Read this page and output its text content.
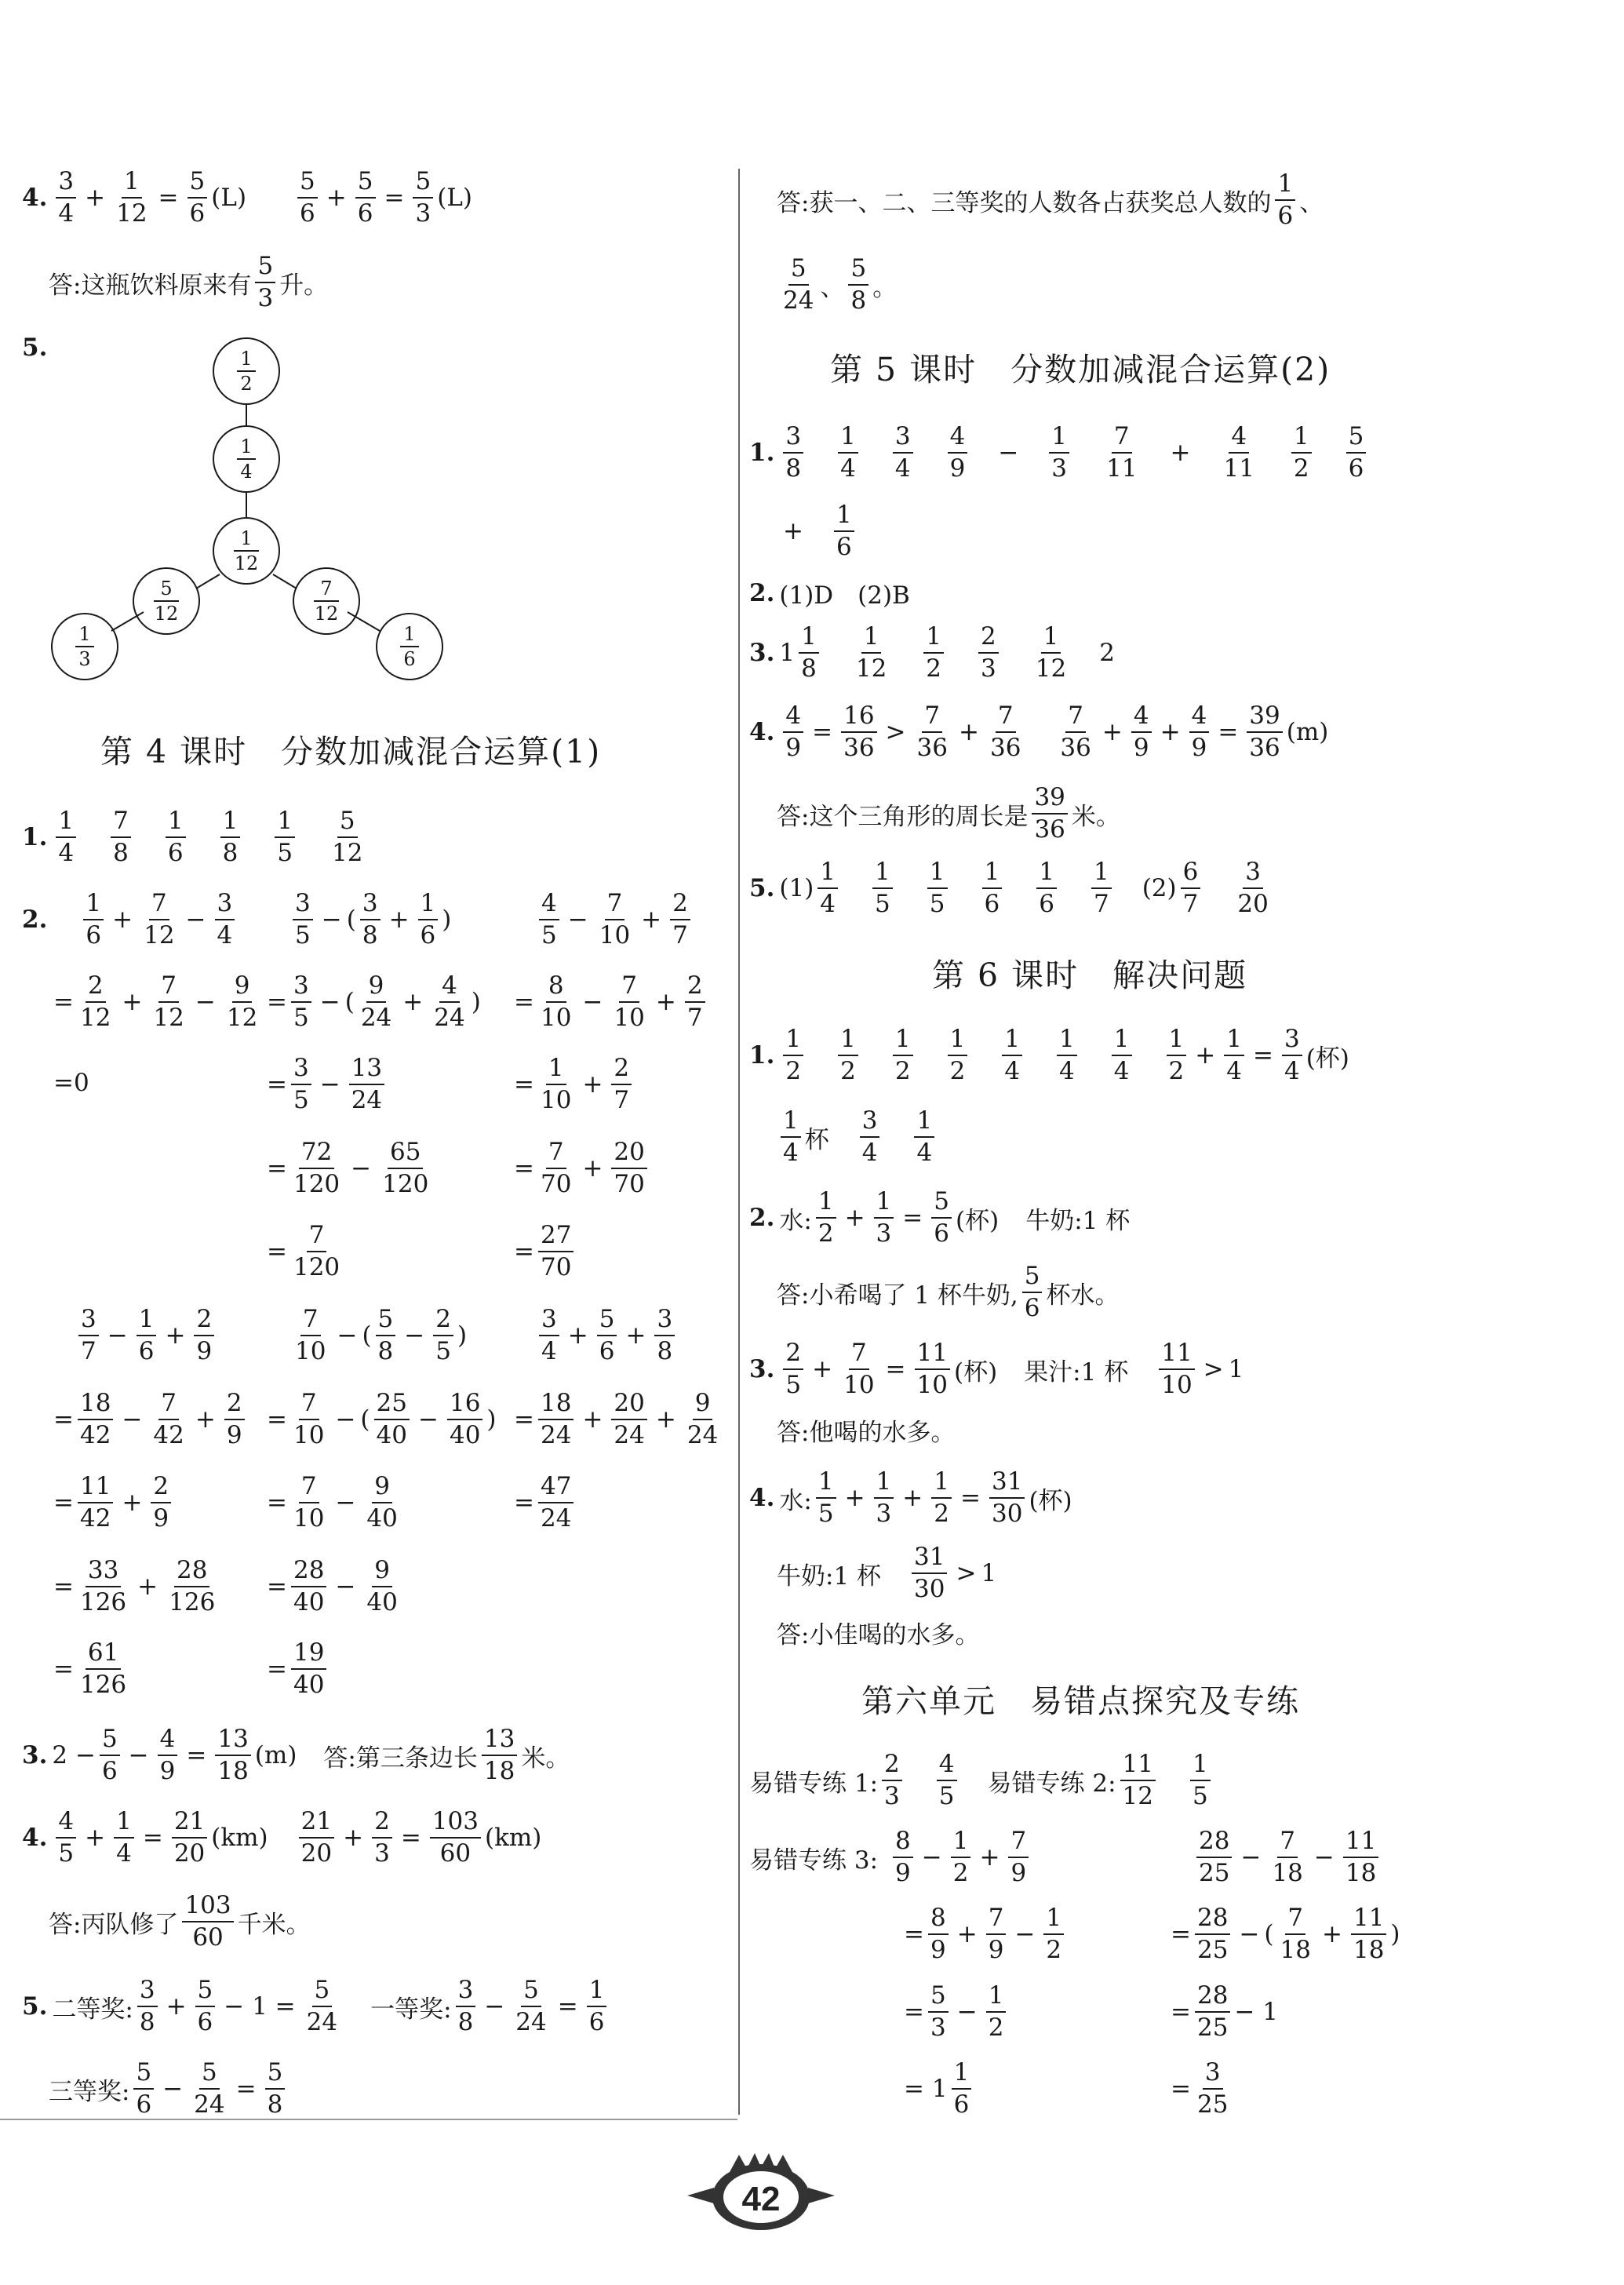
4. $\frac{3}{4} + \frac{1}{12} = \frac{5}{6} (L) \frac{5}{6} + \frac{5}{6} = \frac{5}{3} (L)$
答:这瓶饮料原来有 $\frac{5}{3}$ 升。
5.	1
2
1
4
1
12
5
12
7
12
1
3
1
6
第 4 课时　分数加减混合运算(1)
1. $\frac{1}{4} \frac{7}{8} \frac{1}{6} \frac{1}{8} \frac{1}{5} \frac{5}{12}$
2. $\frac{1}{6} + \frac{7}{12} - \frac{3}{4}$
= $\frac{2}{12} + \frac{7}{12} - \frac{9}{12}$
=0
$\frac{3}{5}$ − ( $\frac{3}{8} + \frac{1}{6}$ )
= $\frac{3}{5}$ − ( $\frac{9}{24} + \frac{4}{24}$ )
= $\frac{3}{5} - \frac{13}{24}$
= $\frac{72}{120} - \frac{65}{120}$
= $\frac{7}{120}$
$\frac{4}{5} - \frac{7}{10} + \frac{2}{7}$
= $\frac{8}{10} - \frac{7}{10} + \frac{2}{7}$
= $\frac{1}{10} + \frac{2}{7}$
= $\frac{7}{70} + \frac{20}{70}$
= $\frac{27}{70}$
$\frac{3}{7} - \frac{1}{6} + \frac{2}{9}$
= $\frac{18}{42} - \frac{7}{42} + \frac{2}{9}$
= $\frac{11}{42} + \frac{2}{9}$
= $\frac{33}{126} + \frac{28}{126}$
= $\frac{61}{126}$
$\frac{7}{10}$ − ( $\frac{5}{8} - \frac{2}{5}$ )
= $\frac{7}{10}$ − ( $\frac{25}{40} - \frac{16}{40}$ )
= $\frac{7}{10} - \frac{9}{40}$
= $\frac{28}{40} - \frac{9}{40}$
= $\frac{19}{40}$
$\frac{3}{4} + \frac{5}{6} + \frac{3}{8}$
= $\frac{18}{24} + \frac{20}{24} + \frac{9}{24}$
= $\frac{47}{24}$
3. $2 - \frac{5}{6} - \frac{4}{9} = \frac{13}{18} (m)$ 答:第三条边长 $\frac{13}{18}$ 米。
4. $\frac{4}{5} + \frac{1}{4} = \frac{21}{20} (km) \frac{21}{20} + \frac{2}{3} = \frac{103}{60} (km)$
答:丙队修了 $\frac{103}{60}$ 千米。
5. 二等奖: $\frac{3}{8} + \frac{5}{6} - 1 = \frac{5}{24}$ 一等奖: $\frac{3}{8} - \frac{5}{24} = \frac{1}{6}$
三等奖: $\frac{5}{6} - \frac{5}{24} = \frac{5}{8}$
答:获一、二、三等奖的人数各占获奖总人数的 $\frac{1}{6}$ 、
$\frac{5}{24}$ 、 $\frac{5}{8}$ 。
第 5 课时　分数加减混合运算(2)
1. $\frac{3}{8} \frac{1}{4} \frac{3}{4} \frac{4}{9} - \frac{1}{3} \frac{7}{11} + \frac{4}{11} \frac{1}{2} \frac{5}{6}$
+ $\frac{1}{6}$
2. (1)D　(2)B
3. $1 \frac{1}{8} \frac{1}{12} \frac{1}{2} \frac{2}{3} \frac{1}{12} 2$
4. $\frac{4}{9} = \frac{16}{36} > \frac{7}{36} + \frac{7}{36} \frac{7}{36} + \frac{4}{9} + \frac{4}{9} = \frac{39}{36} (m)$
答:这个三角形的周长是 $\frac{39}{36}$ 米。
5. $(1) \frac{1}{4} \frac{1}{5} \frac{1}{5} \frac{1}{6} \frac{1}{6} \frac{1}{7} (2) \frac{6}{7} \frac{3}{20}$
第 6 课时　解决问题
1. $\frac{1}{2} \frac{1}{2} \frac{1}{2} \frac{1}{2} \frac{1}{4} \frac{1}{4} \frac{1}{4} \frac{1}{2} + \frac{1}{4} = \frac{3}{4}$ (杯)
$\frac{1}{4}$ 杯 $\frac{3}{4} \frac{1}{4}$
2. 水: $\frac{1}{2} + \frac{1}{3} = \frac{5}{6}$ (杯) 牛奶:1 杯
答:小希喝了 1 杯牛奶, $\frac{5}{6}$ 杯水。
3. $\frac{2}{5} + \frac{7}{10} = \frac{11}{10}$ (杯) 果汁:1 杯 $\frac{11}{10} > 1$
答:他喝的水多。
4. 水: $\frac{1}{5} + \frac{1}{3} + \frac{1}{2} = \frac{31}{30}$ (杯)
牛奶:1 杯 $\frac{31}{30} > 1$
答:小佳喝的水多。
第六单元　易错点探究及专练
易错专练 1: $\frac{2}{3} \frac{4}{5}$ 易错专练 2: $\frac{11}{12} \frac{1}{5}$
易错专练 3: $\frac{8}{9} - \frac{1}{2} + \frac{7}{9}$
= $\frac{8}{9} + \frac{7}{9} - \frac{1}{2}$
= $\frac{5}{3} - \frac{1}{2}$
= $1 \frac{1}{6}$
$\frac{28}{25} - \frac{7}{18} - \frac{11}{18}$
= $\frac{28}{25}$ − ( $\frac{7}{18} + \frac{11}{18}$ )
= $\frac{28}{25} - 1$
= $\frac{3}{25}$
42
